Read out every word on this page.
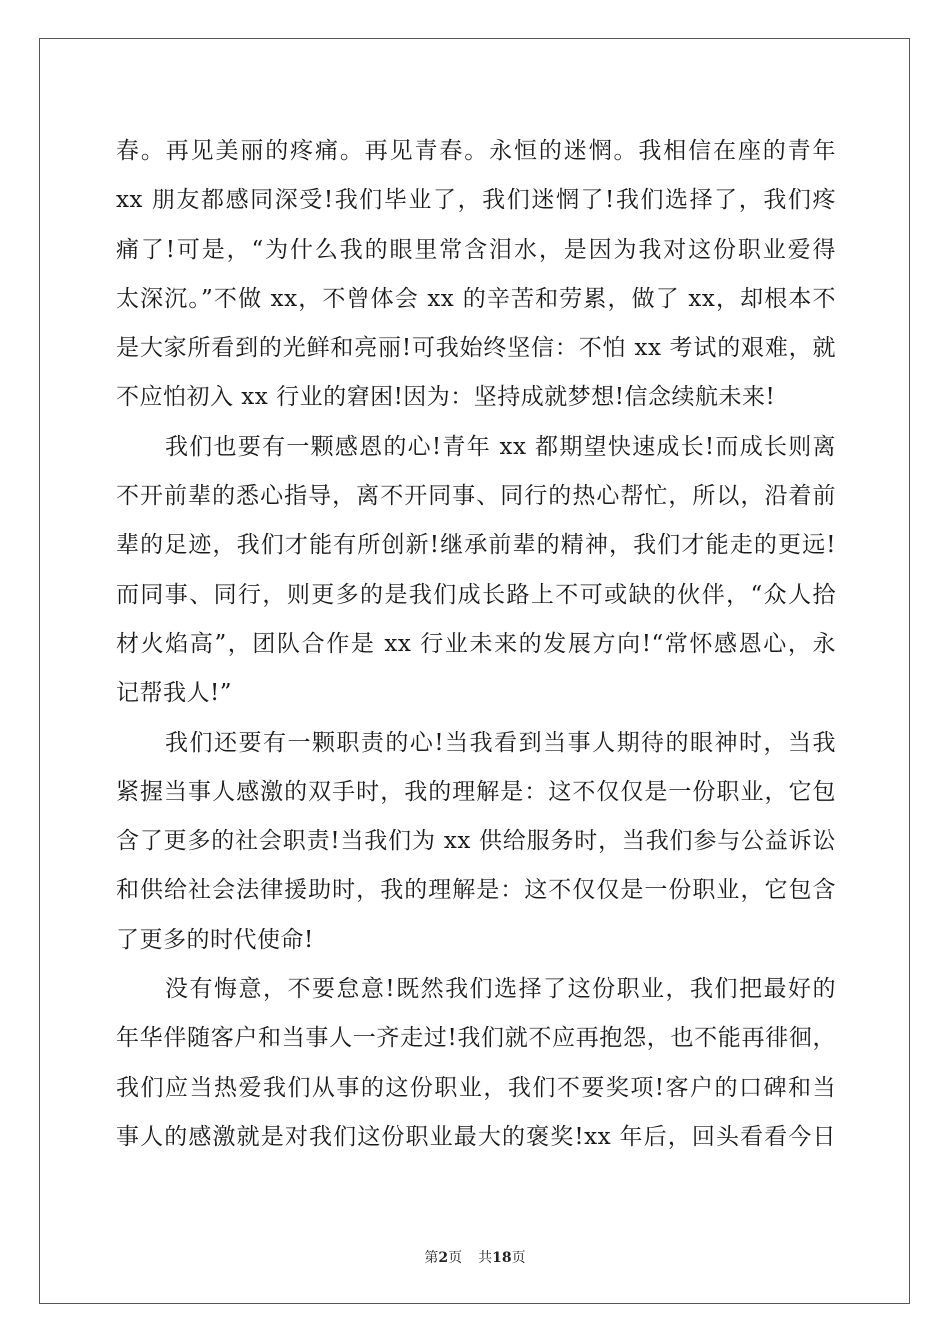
春。再见美丽的疼痛。再见青春。永恒的迷惘。我相信在座的青年
xx 朋友都感同深受!我们毕业了，我们迷惘了!我们选择了，我们疼
痛了!可是，“为什么我的眼里常含泪水，是因为我对这份职业爱得
太深沉。”不做 xx，不曾体会 xx 的辛苦和劳累，做了 xx，却根本不
是大家所看到的光鲜和亮丽!可我始终坚信：不怕 xx 考试的艰难，就
不应怕初入 xx 行业的窘困!因为：坚持成就梦想!信念续航未来!
我们也要有一颗感恩的心!青年 xx 都期望快速成长!而成长则离
不开前辈的悉心指导，离不开同事、同行的热心帮忙，所以，沿着前
辈的足迹，我们才能有所创新!继承前辈的精神，我们才能走的更远!
而同事、同行，则更多的是我们成长路上不可或缺的伙伴，“众人拾
材火焰高”，团队合作是 xx 行业未来的发展方向!“常怀感恩心，永
记帮我人!”
我们还要有一颗职责的心!当我看到当事人期待的眼神时，当我
紧握当事人感激的双手时，我的理解是：这不仅仅是一份职业，它包
含了更多的社会职责!当我们为 xx 供给服务时，当我们参与公益诉讼
和供给社会法律援助时，我的理解是：这不仅仅是一份职业，它包含
了更多的时代使命!
没有悔意，不要怠意!既然我们选择了这份职业，我们把最好的
年华伴随客户和当事人一齐走过!我们就不应再抱怨，也不能再徘徊，
我们应当热爱我们从事的这份职业，我们不要奖项!客户的口碑和当
事人的感激就是对我们这份职业最大的褒奖!xx 年后，回头看看今日
第2页 共18页
